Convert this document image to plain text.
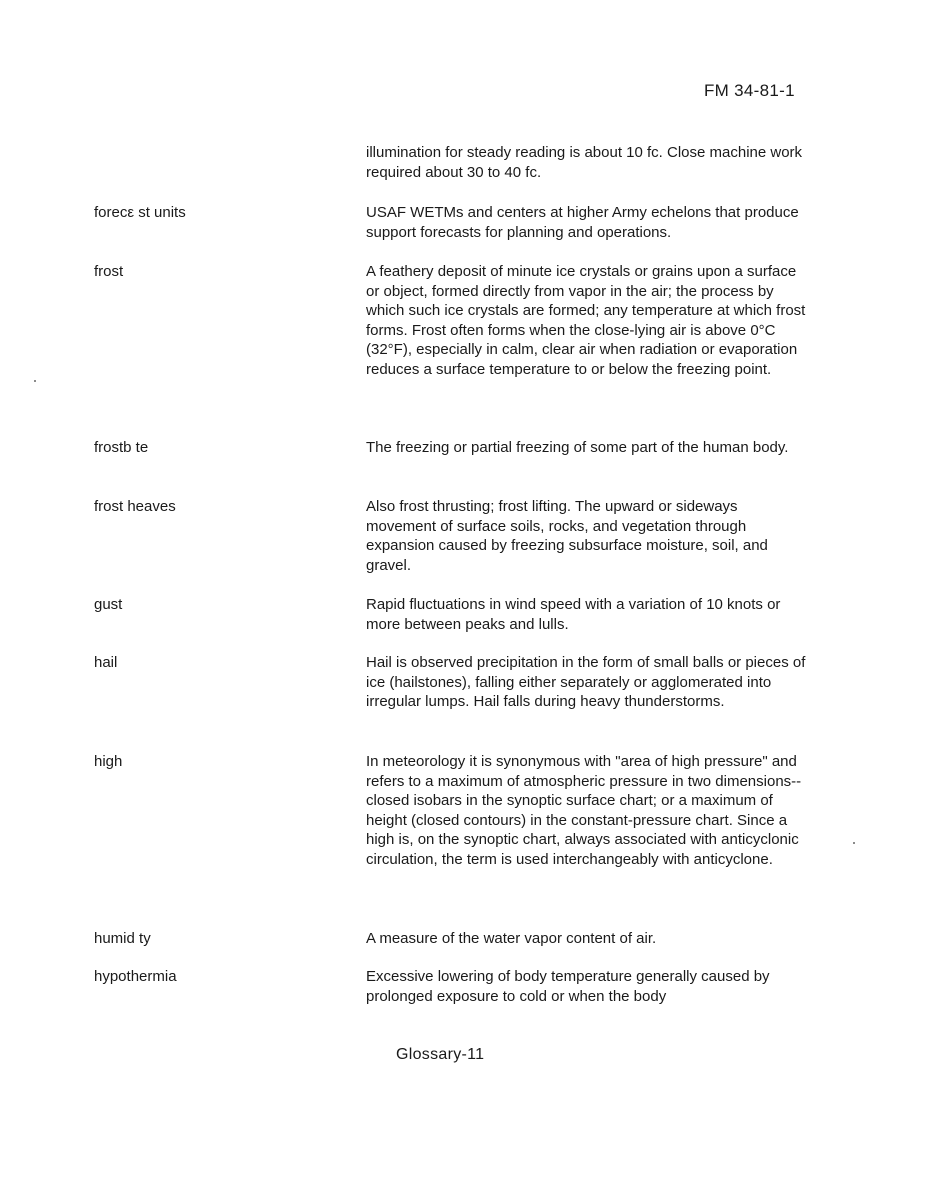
FM 34-81-1
illumination for steady reading is about 10 fc. Close machine work required about 30 to 40 fc.
forecε st units	USAF WETMs and centers at higher Army echelons that produce support forecasts for planning and operations.
frost	A feathery deposit of minute ice crystals or grains upon a surface or object, formed directly from vapor in the air; the process by which such ice crystals are formed; any temperature at which frost forms. Frost often forms when the close-lying air is above 0°C (32°F), especially in calm, clear air when radiation or evaporation reduces a surface temperature to or below the freezing point.
frostb te	The freezing or partial freezing of some part of the human body.
frost heaves	Also frost thrusting; frost lifting. The upward or sideways movement of surface soils, rocks, and vegetation through expansion caused by freezing subsurface moisture, soil, and gravel.
gust	Rapid fluctuations in wind speed with a variation of 10 knots or more between peaks and lulls.
hail	Hail is observed precipitation in the form of small balls or pieces of ice (hailstones), falling either separately or agglomerated into irregular lumps. Hail falls during heavy thunderstorms.
high	In meteorology it is synonymous with "area of high pressure" and refers to a maximum of atmospheric pressure in two dimensions--closed isobars in the synoptic surface chart; or a maximum of height (closed contours) in the constant-pressure chart. Since a high is, on the synoptic chart, always associated with anticyclonic circulation, the term is used interchangeably with anticyclone.
humid ty	A measure of the water vapor content of air.
hypothermia	Excessive lowering of body temperature generally caused by prolonged exposure to cold or when the body
Glossary-11
